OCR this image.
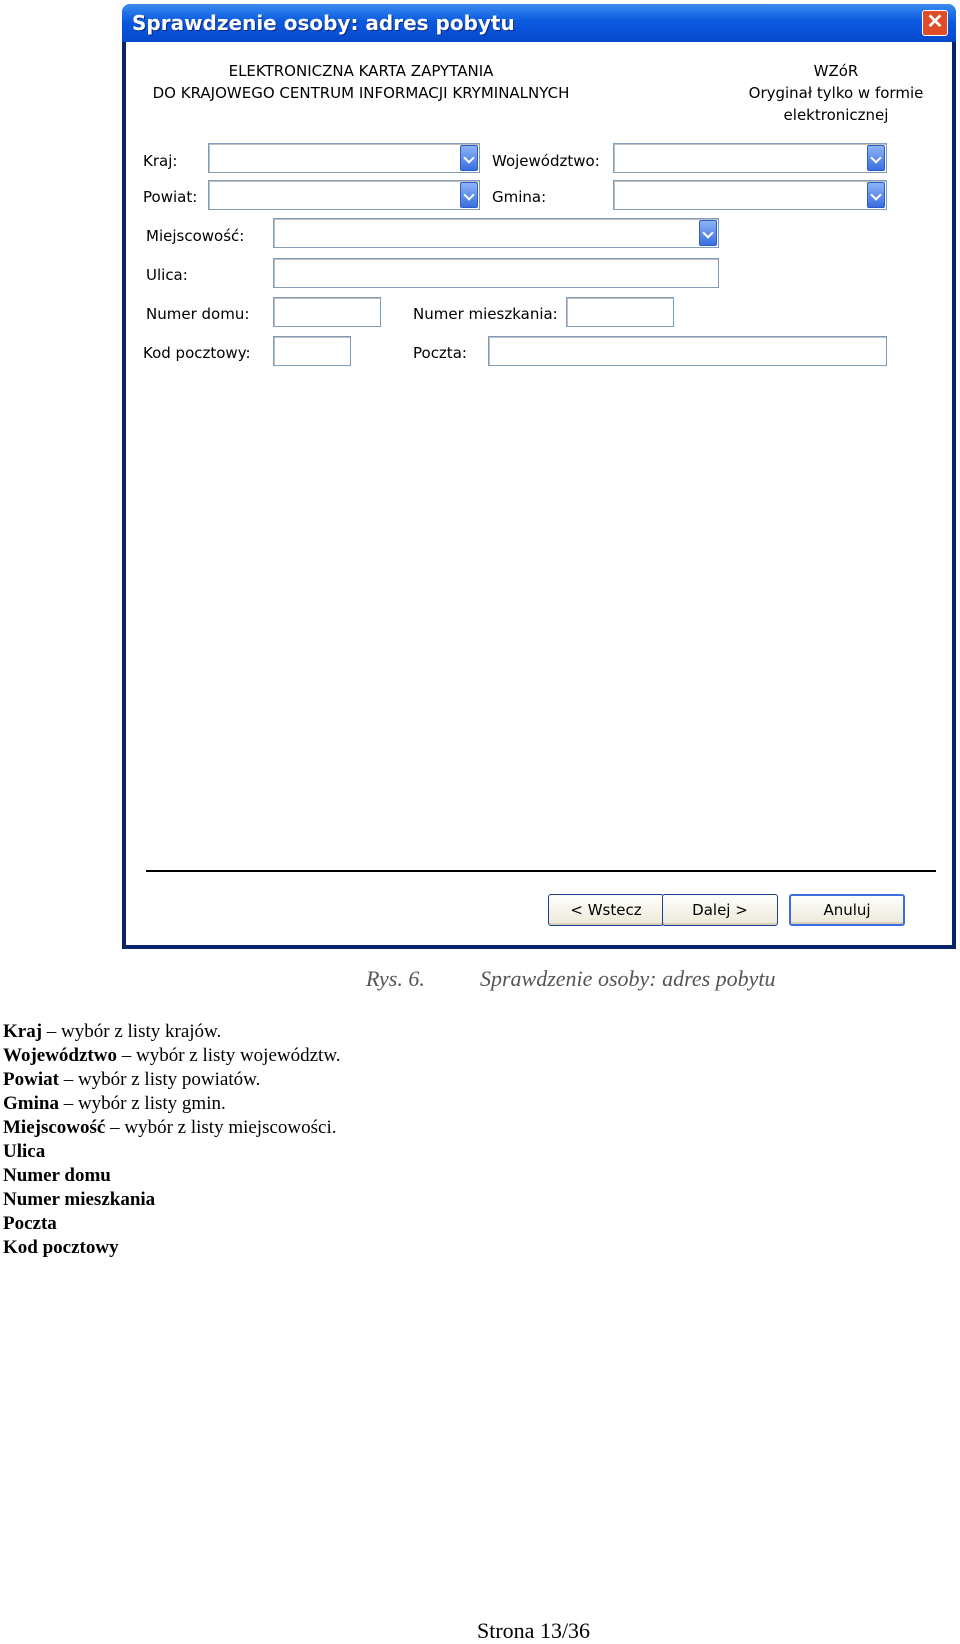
Sprawdzenie osoby: adres pobytu	✕
ELEKTRONICZNA KARTA ZAPYTANIA
DO KRAJOWEGO CENTRUM INFORMACJI KRYMINALNYCH
WZóR
Oryginał tylko w formie
elektronicznej
Kraj:	Województwo:
Powiat:	Gmina:
Miejscowość:
Ulica:
Numer domu:	Numer mieszkania:
Kod pocztowy:	Poczta:
< Wstecz	Dalej >	Anuluj
Rys. 6.	Sprawdzenie osoby: adres pobytu
Kraj – wybór z listy krajów.
Województwo – wybór z listy województw.
Powiat – wybór z listy powiatów.
Gmina – wybór z listy gmin.
Miejscowość – wybór z listy miejscowości.
Ulica
Numer domu
Numer mieszkania
Poczta
Kod pocztowy
Strona 13/36
